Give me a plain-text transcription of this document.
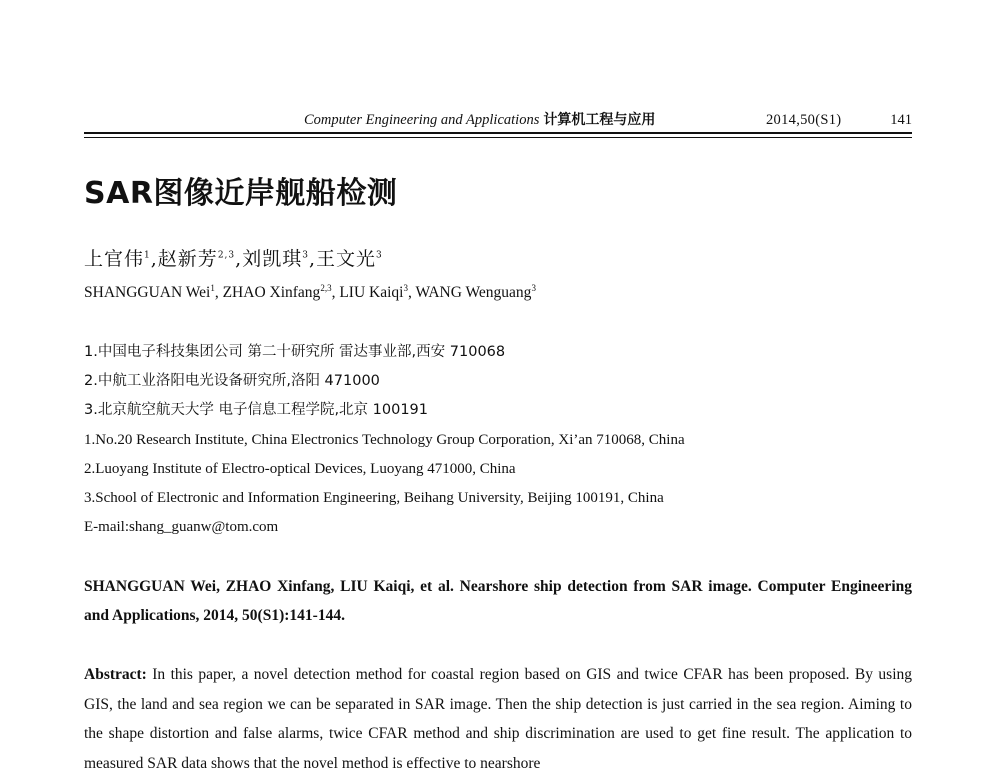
Computer Engineering and Applications 计算机工程与应用	2014,50(S1)	141
SAR图像近岸舰船检测
上官伟$^1$,赵新芳$^{2,3}$,刘凯琪$^3$,王文光$^3$
SHANGGUAN Wei$^1$, ZHAO Xinfang$^{2,3}$, LIU Kaiqi$^3$, WANG Wenguang$^3$
1.中国电子科技集团公司 第二十研究所 雷达事业部,西安 710068
2.中航工业洛阳电光设备研究所,洛阳 471000
3.北京航空航天大学 电子信息工程学院,北京 100191
1.No.20 Research Institute, China Electronics Technology Group Corporation, Xi’an 710068, China
2.Luoyang Institute of Electro-optical Devices, Luoyang 471000, China
3.School of Electronic and Information Engineering, Beihang University, Beijing 100191, China
E-mail:shang_guanw@tom.com
SHANGGUAN Wei, ZHAO Xinfang, LIU Kaiqi, et al. Nearshore ship detection from SAR image. Computer Engineering and Applications, 2014, 50(S1):141-144.
Abstract: In this paper, a novel detection method for coastal region based on GIS and twice CFAR has been proposed. By using GIS, the land and sea region we can be separated in SAR image. Then the ship detection is just carried in the sea region. Aiming to the shape distortion and false alarms, twice CFAR method and ship discrimination are used to get fine result. The application to measured SAR data shows that the novel method is effective to nearshore
